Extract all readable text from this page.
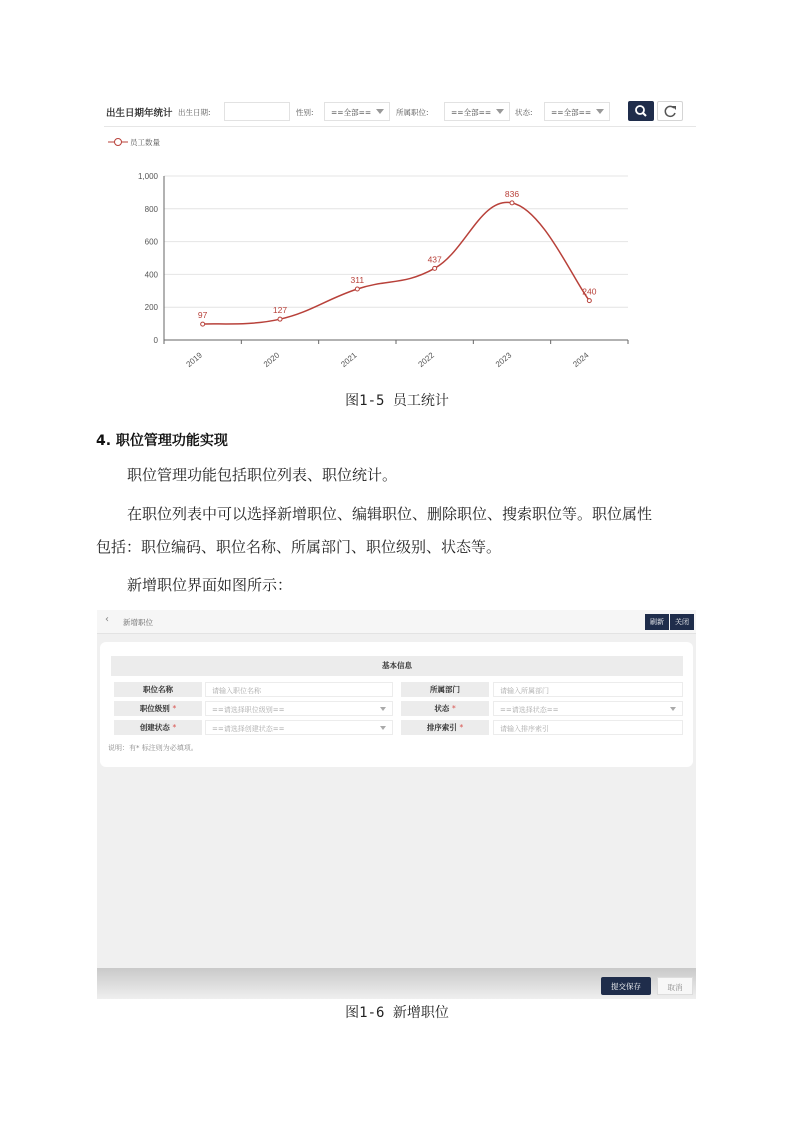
出生日期年统计 出生日期:	性别:	==全部==	所属职位:	==全部==	状态:	==全部==
员工数量
0
200
400
600
800
1,000
2019	2020	2021	2022	2023	2024
97	127
311
437
836
240
图1-5 员工统计
4. 职位管理功能实现
职位管理功能包括职位列表、职位统计。
在职位列表中可以选择新增职位、编辑职位、删除职位、搜索职位等。职位属性
包括：职位编码、职位名称、所属部门、职位级别、状态等。
新增职位界面如图所示：
‹ 新增职位	刷新	关闭
基本信息
职位名称	请输入职位名称	所属部门	请输入所属部门
职位级别 *	==请选择职位级别==	状态 *	==请选择状态==
创建状态 *	==请选择创建状态==	排序索引 *	请输入排序索引
说明：有* 标注则为必填项。
提交保存	取消
图1-6 新增职位
